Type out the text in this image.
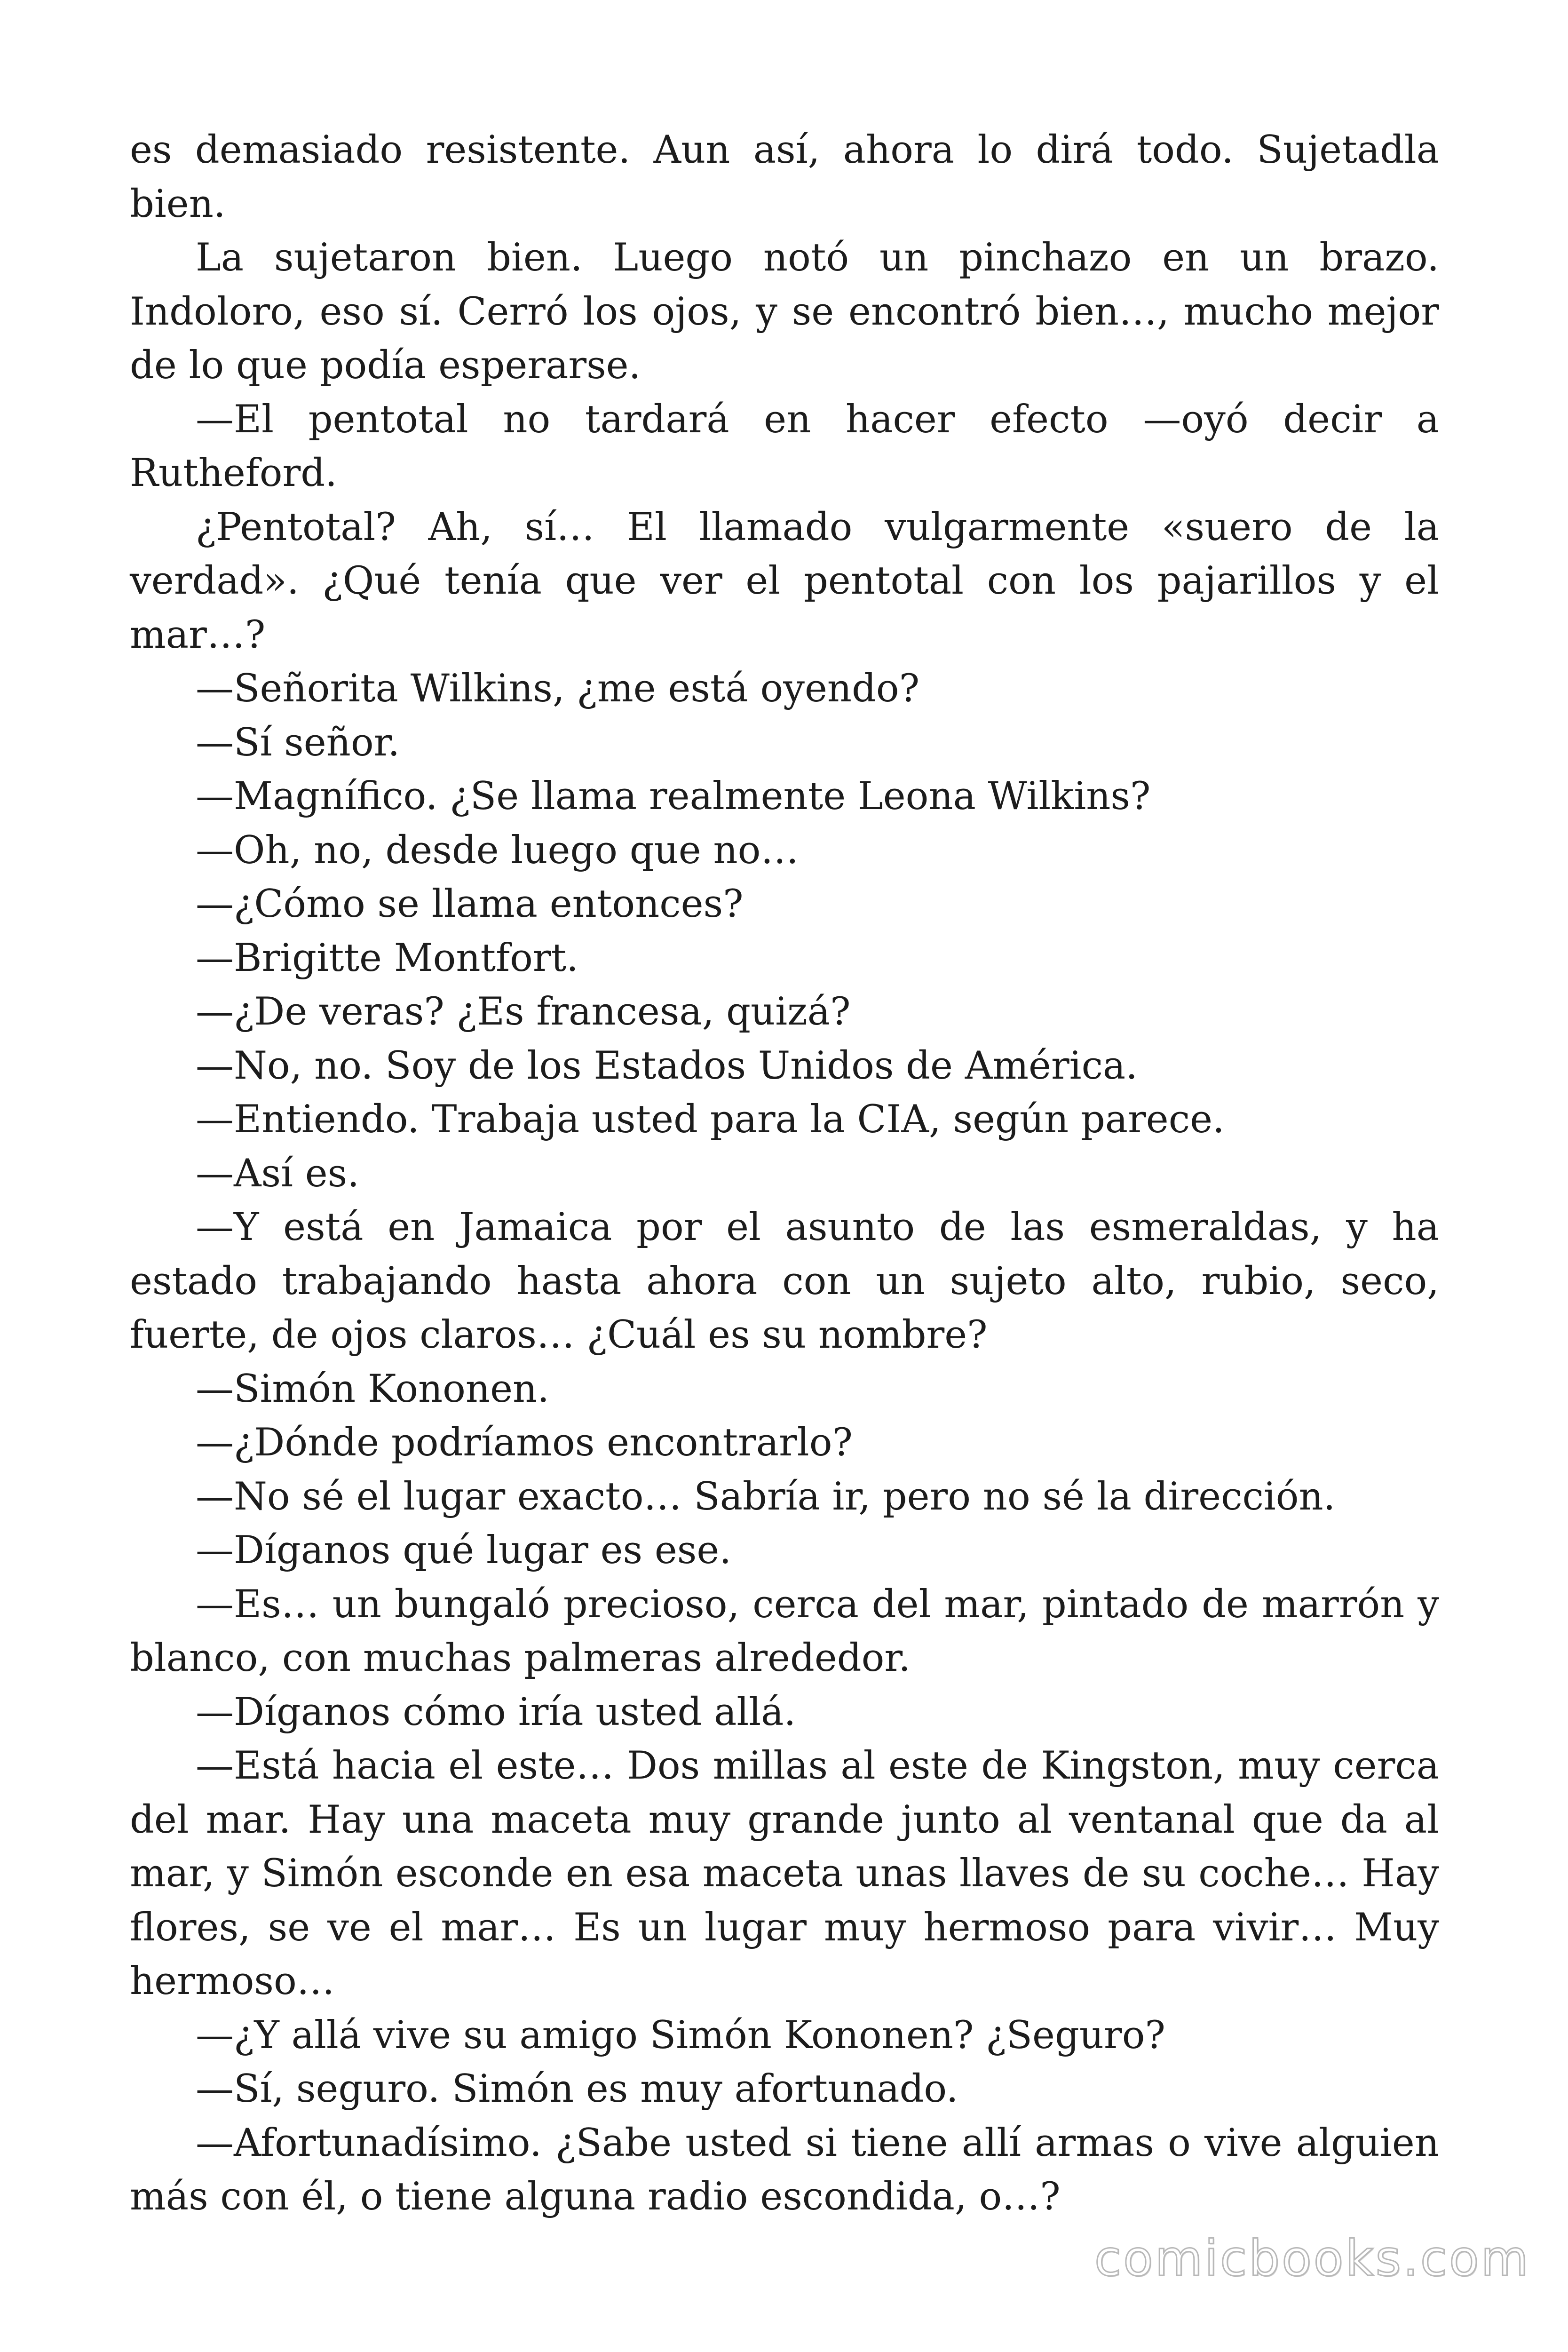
es demasiado resistente. Aun así, ahora lo dirá todo. Sujetadla bien.

La sujetaron bien. Luego notó un pinchazo en un brazo. Indoloro, eso sí. Cerró los ojos, y se encontró bien…, mucho mejor de lo que podía esperarse.

—El pentotal no tardará en hacer efecto —oyó decir a Rutheford.

¿Pentotal? Ah, sí… El llamado vulgarmente «suero de la verdad». ¿Qué tenía que ver el pentotal con los pajarillos y el mar…?

—Señorita Wilkins, ¿me está oyendo?

—Sí señor.

—Magnífico. ¿Se llama realmente Leona Wilkins?

—Oh, no, desde luego que no…

—¿Cómo se llama entonces?

—Brigitte Montfort.

—¿De veras? ¿Es francesa, quizá?

—No, no. Soy de los Estados Unidos de América.

—Entiendo. Trabaja usted para la CIA, según parece.

—Así es.

—Y está en Jamaica por el asunto de las esmeraldas, y ha estado trabajando hasta ahora con un sujeto alto, rubio, seco, fuerte, de ojos claros… ¿Cuál es su nombre?

—Simón Kononen.

—¿Dónde podríamos encontrarlo?

—No sé el lugar exacto… Sabría ir, pero no sé la dirección.

—Díganos qué lugar es ese.

—Es… un bungaló precioso, cerca del mar, pintado de marrón y blanco, con muchas palmeras alrededor.

—Díganos cómo iría usted allá.

—Está hacia el este… Dos millas al este de Kingston, muy cerca del mar. Hay una maceta muy grande junto al ventanal que da al mar, y Simón esconde en esa maceta unas llaves de su coche… Hay flores, se ve el mar… Es un lugar muy hermoso para vivir… Muy hermoso…

—¿Y allá vive su amigo Simón Kononen? ¿Seguro?

—Sí, seguro. Simón es muy afortunado.

—Afortunadísimo. ¿Sabe usted si tiene allí armas o vive alguien más con él, o tiene alguna radio escondida, o…?

comicbooks.com
